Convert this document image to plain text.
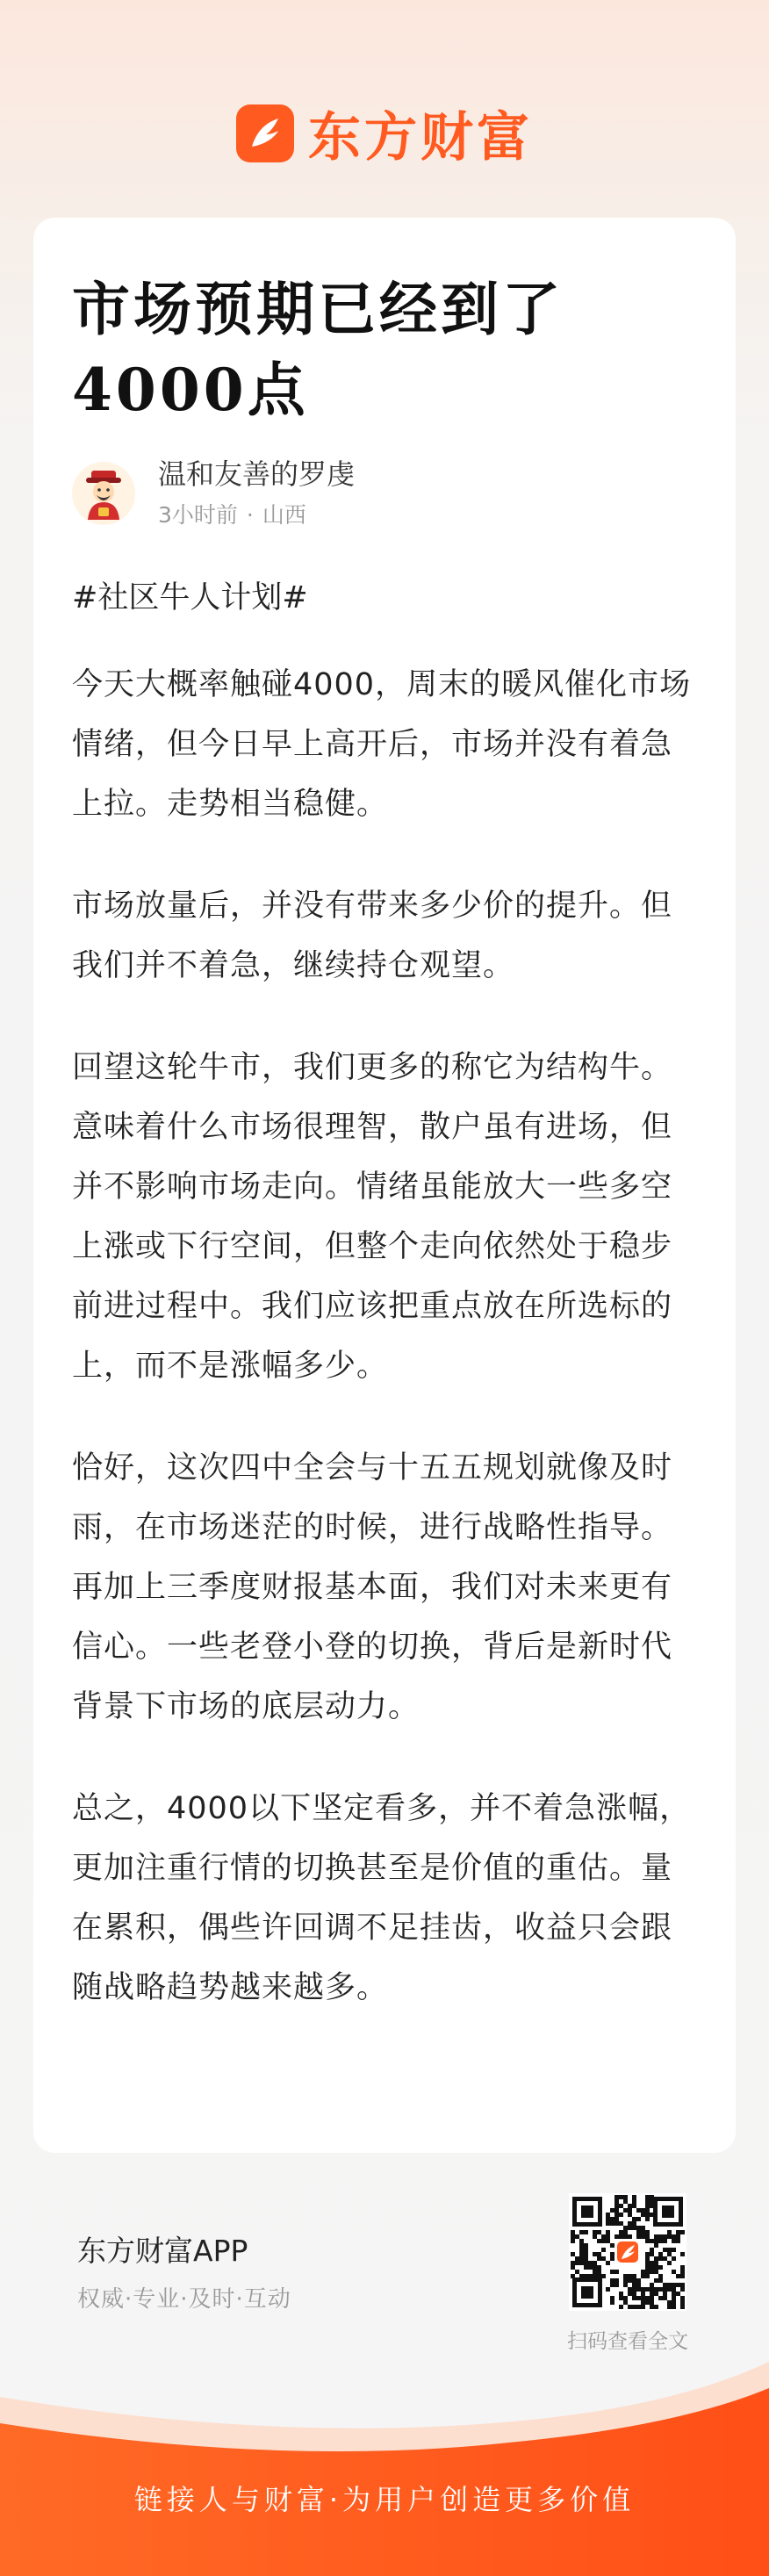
东方财富
市场预期已经到了4000点
温和友善的罗虔
3小时前 · 山西
#社区牛人计划#

今天大概率触碰4000，周末的暖风催化市场情绪，但今日早上高开后，市场并没有着急上拉。走势相当稳健。

市场放量后，并没有带来多少价的提升。但我们并不着急，继续持仓观望。

回望这轮牛市，我们更多的称它为结构牛。意味着什么市场很理智，散户虽有进场，但并不影响市场走向。情绪虽能放大一些多空上涨或下行空间，但整个走向依然处于稳步前进过程中。我们应该把重点放在所选标的上，而不是涨幅多少。

恰好，这次四中全会与十五五规划就像及时雨，在市场迷茫的时候，进行战略性指导。再加上三季度财报基本面，我们对未来更有信心。一些老登小登的切换，背后是新时代背景下市场的底层动力。

总之，4000以下坚定看多，并不着急涨幅，更加注重行情的切换甚至是价值的重估。量在累积，偶些许回调不足挂齿，收益只会跟随战略趋势越来越多。

东方财富APP
权威·专业·及时·互动
扫码查看全文
链接人与财富·为用户创造更多价值
